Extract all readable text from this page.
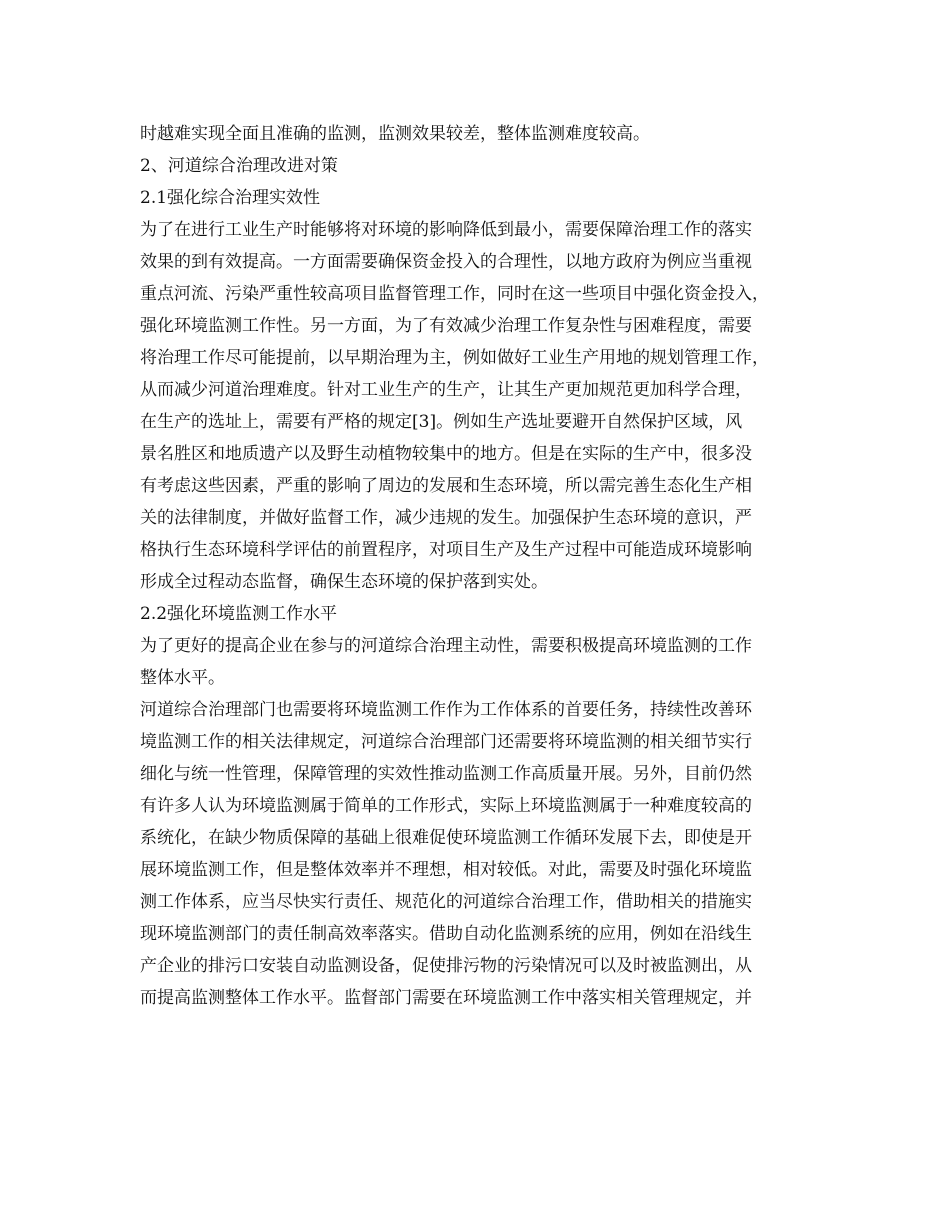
时越难实现全面且准确的监测，监测效果较差，整体监测难度较高。
2、河道综合治理改进对策
2.1强化综合治理实效性
为了在进行工业生产时能够将对环境的影响降低到最小，需要保障治理工作的落实
效果的到有效提高。一方面需要确保资金投入的合理性，以地方政府为例应当重视
重点河流、污染严重性较高项目监督管理工作，同时在这一些项目中强化资金投入，
强化环境监测工作性。另一方面，为了有效减少治理工作复杂性与困难程度，需要
将治理工作尽可能提前，以早期治理为主，例如做好工业生产用地的规划管理工作，
从而减少河道治理难度。针对工业生产的生产，让其生产更加规范更加科学合理，
在生产的选址上，需要有严格的规定[3]。例如生产选址要避开自然保护区域，风
景名胜区和地质遗产以及野生动植物较集中的地方。但是在实际的生产中，很多没
有考虑这些因素，严重的影响了周边的发展和生态环境，所以需完善生态化生产相
关的法律制度，并做好监督工作，减少违规的发生。加强保护生态环境的意识，严
格执行生态环境科学评估的前置程序，对项目生产及生产过程中可能造成环境影响
形成全过程动态监督，确保生态环境的保护落到实处。
2.2强化环境监测工作水平
为了更好的提高企业在参与的河道综合治理主动性，需要积极提高环境监测的工作
整体水平。
河道综合治理部门也需要将环境监测工作作为工作体系的首要任务，持续性改善环
境监测工作的相关法律规定，河道综合治理部门还需要将环境监测的相关细节实行
细化与统一性管理，保障管理的实效性推动监测工作高质量开展。另外，目前仍然
有许多人认为环境监测属于简单的工作形式，实际上环境监测属于一种难度较高的
系统化，在缺少物质保障的基础上很难促使环境监测工作循环发展下去，即使是开
展环境监测工作，但是整体效率并不理想，相对较低。对此，需要及时强化环境监
测工作体系，应当尽快实行责任、规范化的河道综合治理工作，借助相关的措施实
现环境监测部门的责任制高效率落实。借助自动化监测系统的应用，例如在沿线生
产企业的排污口安装自动监测设备，促使排污物的污染情况可以及时被监测出，从
而提高监测整体工作水平。监督部门需要在环境监测工作中落实相关管理规定，并
